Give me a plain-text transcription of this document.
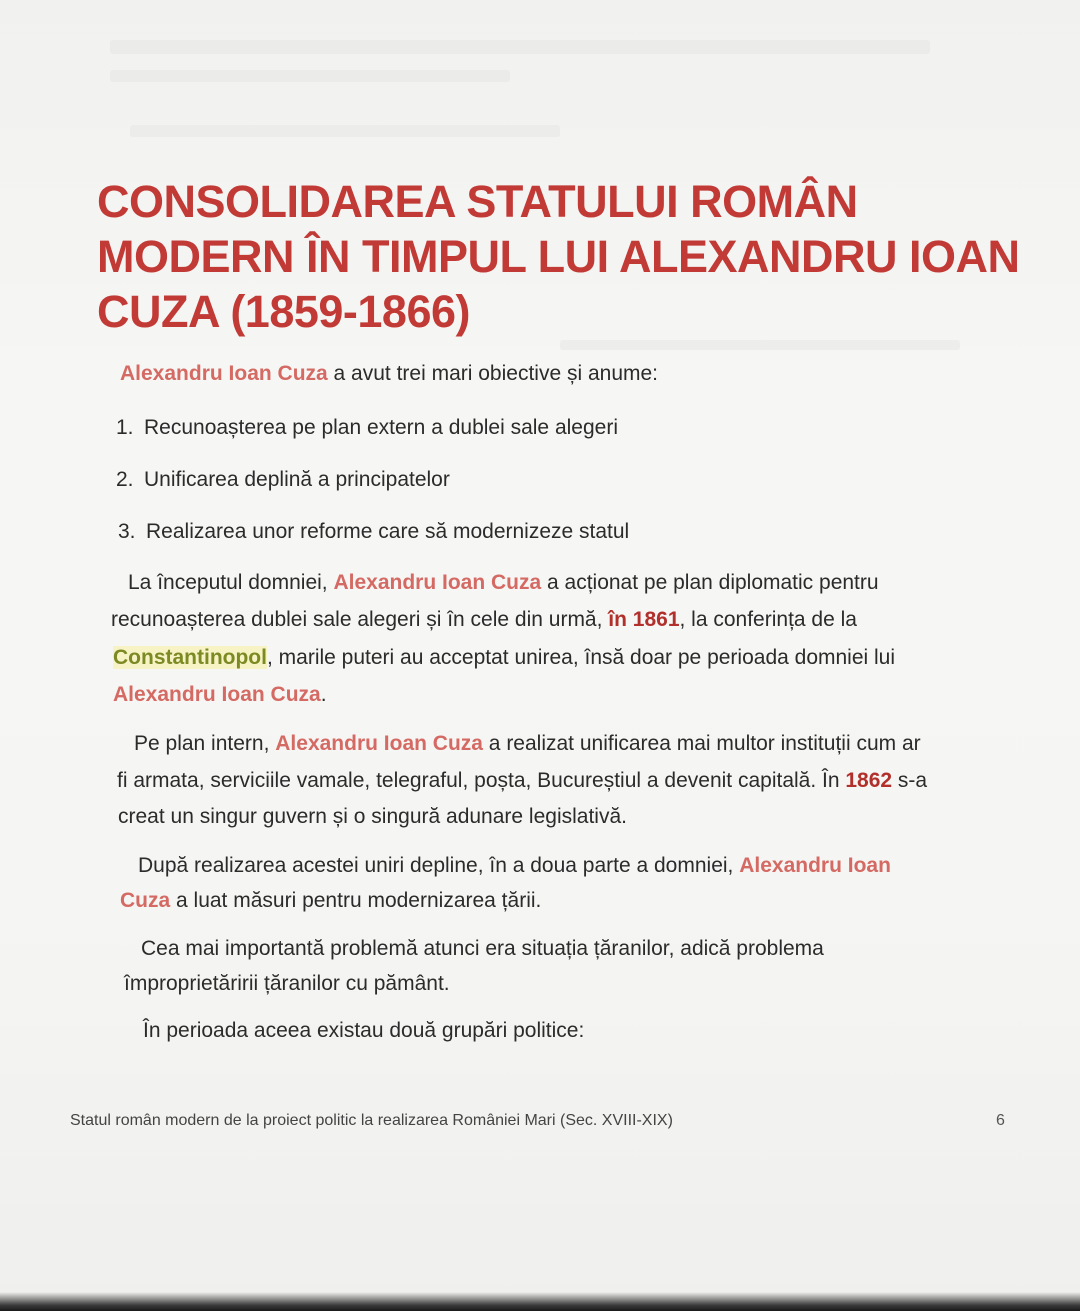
CONSOLIDAREA STATULUI ROMÂN
MODERN ÎN TIMPUL LUI ALEXANDRU IOAN
CUZA (1859-1866)

Alexandru Ioan Cuza a avut trei mari obiective și anume:

1. Recunoașterea pe plan extern a dublei sale alegeri

2. Unificarea deplină a principatelor

3. Realizarea unor reforme care să modernizeze statul

La începutul domniei, Alexandru Ioan Cuza a acționat pe plan diplomatic pentru

recunoașterea dublei sale alegeri și în cele din urmă, în 1861, la conferința de la

Constantinopol, marile puteri au acceptat unirea, însă doar pe perioada domniei lui

Alexandru Ioan Cuza.

Pe plan intern, Alexandru Ioan Cuza a realizat unificarea mai multor instituții cum ar

fi armata, serviciile vamale, telegraful, poșta, Bucureștiul a devenit capitală. În 1862 s-a

creat un singur guvern și o singură adunare legislativă.

După realizarea acestei uniri depline, în a doua parte a domniei, Alexandru Ioan

Cuza a luat măsuri pentru modernizarea țării.

Cea mai importantă problemă atunci era situația țăranilor, adică problema

împroprietăririi țăranilor cu pământ.

În perioada aceea existau două grupări politice:

Statul român modern de la proiect politic la realizarea României Mari (Sec. XVIII-XIX)	6
